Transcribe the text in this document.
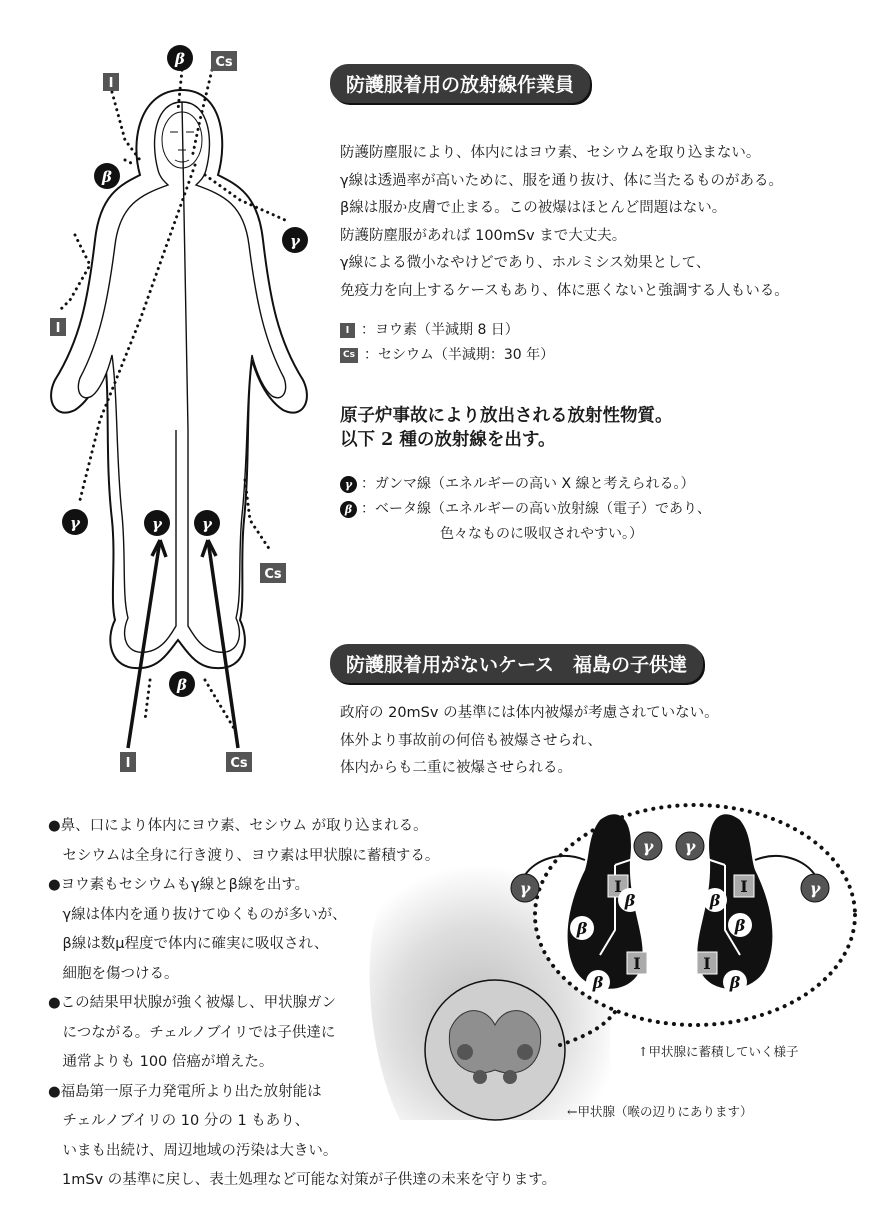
I
Cs
I
Cs
I	Cs
β
β
γ
γ	γ	γ
β
防護服着用の放射線作業員

防護防塵服により、体内にはヨウ素、セシウムを取り込まない。

γ線は透過率が高いために、服を通り抜け、体に当たるものがある。

β線は服か皮膚で止まる。この被爆はほとんど問題はない。

防護防塵服があれば 100mSv まで大丈夫。

γ線による微小なやけどであり、ホルミシス効果として、

免疫力を向上するケースもあり、体に悪くないと強調する人もいる。

I ：ヨウ素（半減期 8 日）
Cs ：セシウム（半減期：30 年）
原子炉事故により放出される放射性物質。
以下 2 種の放射線を出す。
γ ：ガンマ線（エネルギーの高い X 線と考えられる。）
β ：ベータ線（エネルギーの高い放射線（電子）であり、
色々なものに吸収されやすい。）
防護服着用がないケース　福島の子供達

政府の 20mSv の基準には体内被爆が考慮されていない。

体外より事故前の何倍も被爆させられ、

体内からも二重に被爆させられる。

I
I
I
I
β
β
β
β
β
β
γ
γ γ
γ
↑甲状腺に蓄積していく様子
←甲状腺（喉の辺りにあります）

●鼻、口により体内にヨウ素、セシウム が取り込まれる。

　セシウムは全身に行き渡り、ヨウ素は甲状腺に蓄積する。

●ヨウ素もセシウムもγ線とβ線を出す。

　γ線は体内を通り抜けてゆくものが多いが、

　β線は数μ程度で体内に確実に吸収され、

　細胞を傷つける。

●この結果甲状腺が強く被爆し、甲状腺ガン

　につながる。チェルノブイリでは子供達に

　通常よりも 100 倍癌が増えた。

●福島第一原子力発電所より出た放射能は

　チェルノブイリの 10 分の 1 もあり、

　いまも出続け、周辺地域の汚染は大きい。

1mSv の基準に戻し、表土処理など可能な対策が子供達の未来を守ります。
